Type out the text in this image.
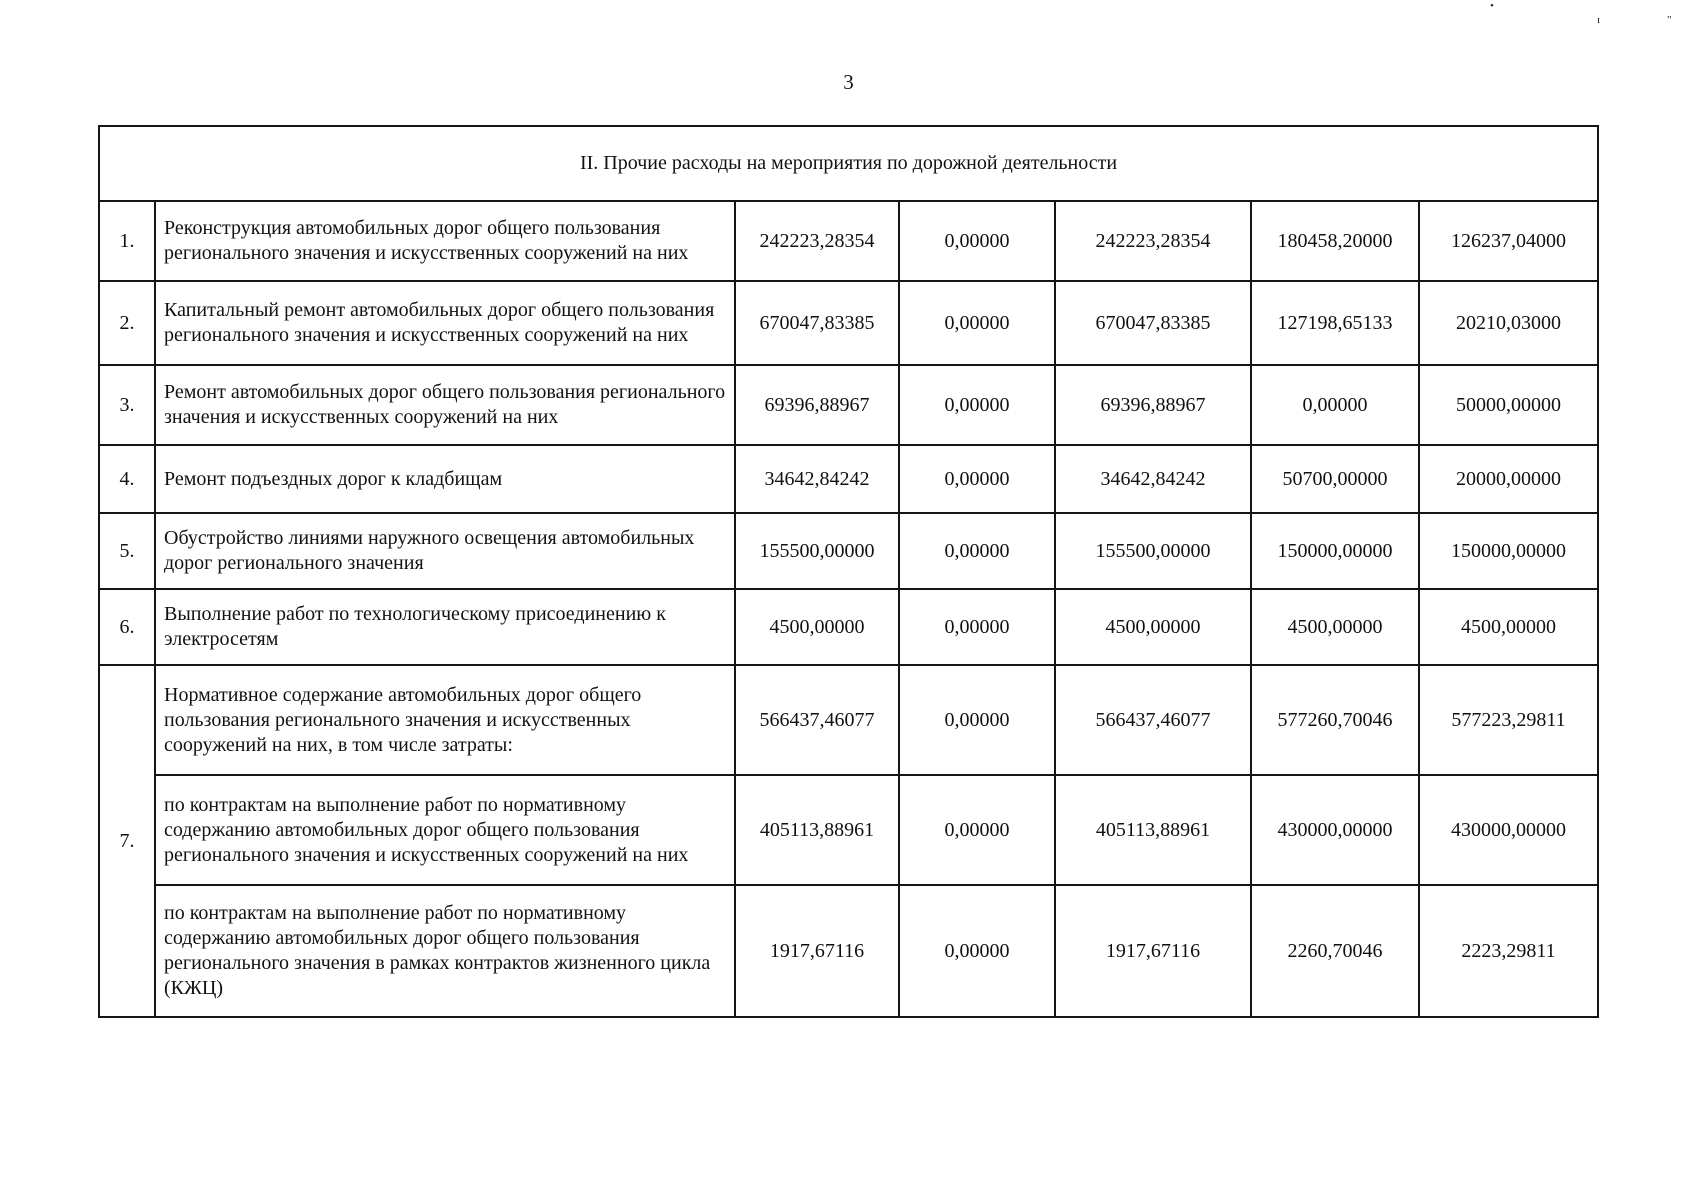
3
•
ɪ	"
II. Прочие расходы на мероприятия по дорожной деятельности						
1.	Реконструкция автомобильных дорог общего пользования регионального значения и искусственных сооружений на них	242223,28354	0,00000	242223,28354	180458,20000	126237,04000
2.	Капитальный ремонт автомобильных дорог общего пользования регионального значения и искусственных сооружений на них	670047,83385	0,00000	670047,83385	127198,65133	20210,03000
3.	Ремонт автомобильных дорог общего пользования регионального значения и искусственных сооружений на них	69396,88967	0,00000	69396,88967	0,00000	50000,00000
4.	Ремонт подъездных дорог к кладбищам	34642,84242	0,00000	34642,84242	50700,00000	20000,00000
5.	Обустройство линиями наружного освещения автомобильных дорог регионального значения	155500,00000	0,00000	155500,00000	150000,00000	150000,00000
6.	Выполнение работ по технологическому присоединению к электросетям	4500,00000	0,00000	4500,00000	4500,00000	4500,00000
7.	Нормативное содержание автомобильных дорог общего пользования регионального значения и искусственных сооружений на них, в том числе затраты:	566437,46077	0,00000	566437,46077	577260,70046	577223,29811
	по контрактам на выполнение работ по нормативному содержанию автомобильных дорог общего пользования регионального значения и искусственных сооружений на них	405113,88961	0,00000	405113,88961	430000,00000	430000,00000
	по контрактам на выполнение работ по нормативному содержанию автомобильных дорог общего пользования регионального значения в рамках контрактов жизненного цикла (КЖЦ)	1917,67116	0,00000	1917,67116	2260,70046	2223,29811
